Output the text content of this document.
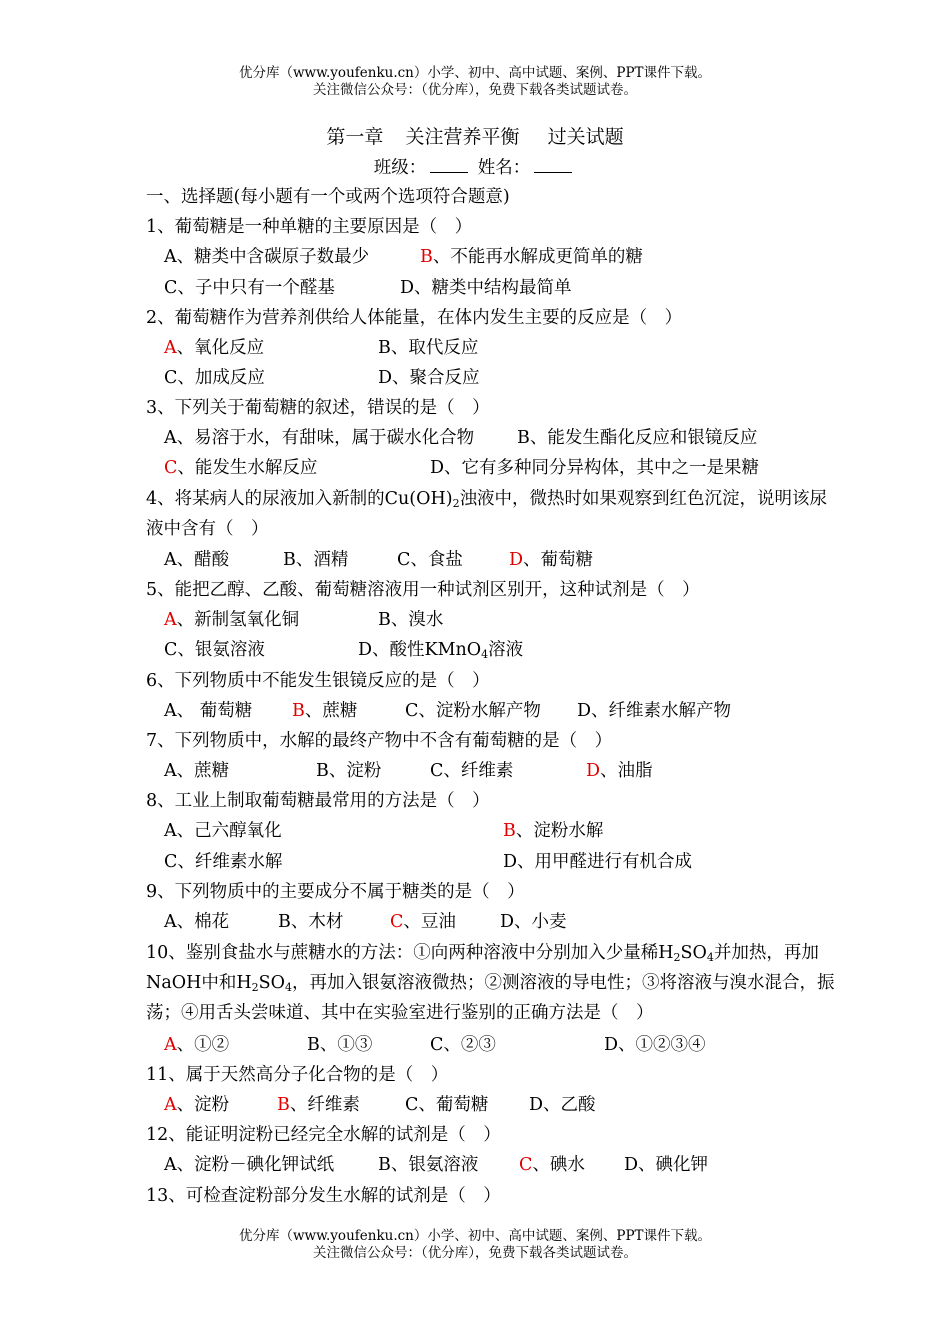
优分库（www.youfenku.cn）小学、初中、高中试题、案例、PPT课件下载。
关注微信公众号：（优分库），免费下载各类试题试卷。
第一章 关注营养平衡 过关试题
班级：	姓名：
一、选择题(每小题有一个或两个选项符合题意)
1、葡萄糖是一种单糖的主要原因是（　）
A、糖类中含碳原子数最少	B、不能再水解成更简单的糖
C、子中只有一个醛基	D、糖类中结构最简单
2、葡萄糖作为营养剂供给人体能量，在体内发生主要的反应是（　）
A、氧化反应	B、取代反应
C、加成反应	D、聚合反应
3、下列关于葡萄糖的叙述，错误的是（　）
A、易溶于水，有甜味，属于碳水化合物 B、能发生酯化反应和银镜反应
C、能发生水解反应	D、它有多种同分异构体，其中之一是果糖
4、将某病人的尿液加入新制的$Cu(OH)_2$浊液中，微热时如果观察到红色沉淀，说明该尿
液中含有（　）
A、醋酸	B、酒精	C、食盐	D、葡萄糖
5、能把乙醇、乙酸、葡萄糖溶液用一种试剂区别开，这种试剂是（　）
A、新制氢氧化铜	B、溴水
C、银氨溶液	D、酸性KMnO$_4$溶液
6、下列物质中不能发生银镜反应的是（　）
A、 葡萄糖 B、蔗糖	C、淀粉水解产物 D、纤维素水解产物
7、下列物质中，水解的最终产物中不含有葡萄糖的是（　）
A、蔗糖	B、淀粉	C、纤维素	D、油脂
8、工业上制取葡萄糖最常用的方法是（　）
A、己六醇氧化	B、淀粉水解
C、纤维素水解	D、用甲醛进行有机合成
9、下列物质中的主要成分不属于糖类的是（　）
A、棉花	B、木材	C、豆油	D、小麦
10、鉴别食盐水与蔗糖水的方法：①向两种溶液中分别加入少量稀$H_2SO_4$并加热，再加
NaOH中和$H_2SO_4$，再加入银氨溶液微热；②测溶液的导电性；③将溶液与溴水混合，振
荡；④用舌头尝味道、其中在实验室进行鉴别的正确方法是（　）
A、①②	B、①③	C、②③	D、①②③④
11、属于天然高分子化合物的是（　）
A、淀粉	B、纤维素	C、葡萄糖 D、乙酸
12、能证明淀粉已经完全水解的试剂是（　）
A、淀粉－碘化钾试纸	B、银氨溶液 C、碘水 D、碘化钾
13、可检查淀粉部分发生水解的试剂是（　）
优分库（www.youfenku.cn）小学、初中、高中试题、案例、PPT课件下载。
关注微信公众号：（优分库），免费下载各类试题试卷。
